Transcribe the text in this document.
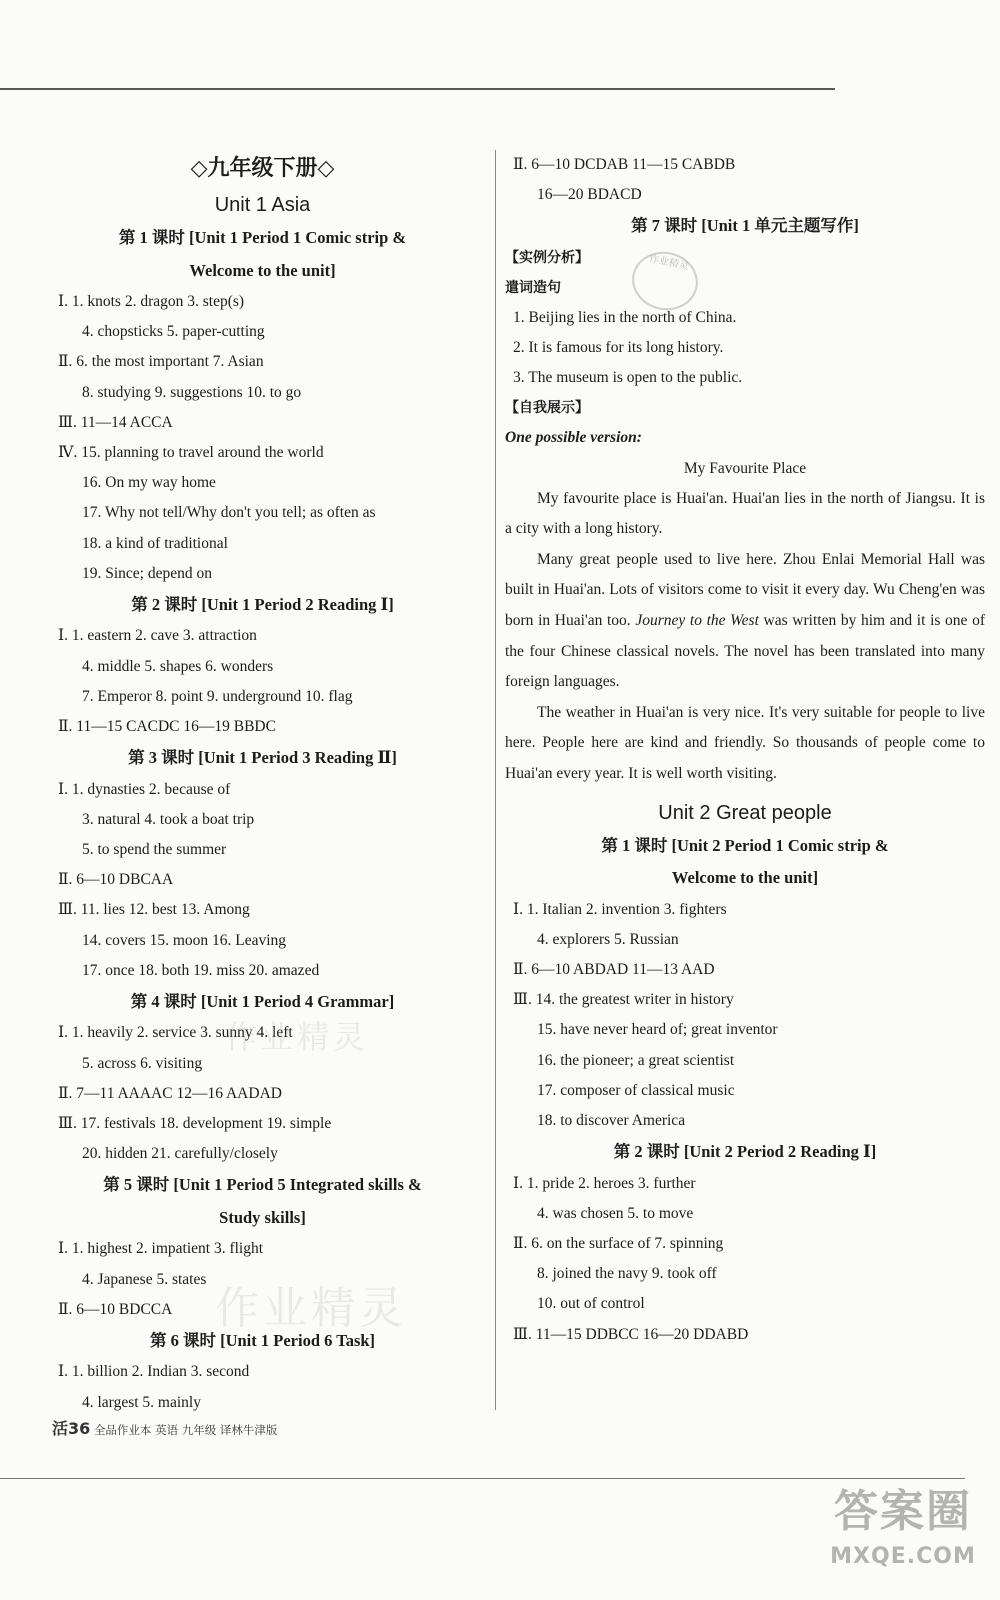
◇九年级下册◇
Unit 1 Asia
第 1 课时 [Unit 1 Period 1 Comic strip &
Welcome to the unit]
Ⅰ. 1. knots 2. dragon 3. step(s)
4. chopsticks 5. paper-cutting
Ⅱ. 6. the most important 7. Asian
8. studying 9. suggestions 10. to go
Ⅲ. 11—14 ACCA
Ⅳ. 15. planning to travel around the world
16. On my way home
17. Why not tell/Why don't you tell; as often as
18. a kind of traditional
19. Since; depend on
第 2 课时 [Unit 1 Period 2 Reading Ⅰ]
Ⅰ. 1. eastern 2. cave 3. attraction
4. middle 5. shapes 6. wonders
7. Emperor 8. point 9. underground 10. flag
Ⅱ. 11—15 CACDC 16—19 BBDC
第 3 课时 [Unit 1 Period 3 Reading Ⅱ]
Ⅰ. 1. dynasties 2. because of
3. natural 4. took a boat trip
5. to spend the summer
Ⅱ. 6—10 DBCAA
Ⅲ. 11. lies 12. best 13. Among
14. covers 15. moon 16. Leaving
17. once 18. both 19. miss 20. amazed
第 4 课时 [Unit 1 Period 4 Grammar]
Ⅰ. 1. heavily 2. service 3. sunny 4. left
5. across 6. visiting
Ⅱ. 7—11 AAAAC 12—16 AADAD
Ⅲ. 17. festivals 18. development 19. simple
20. hidden 21. carefully/closely
第 5 课时 [Unit 1 Period 5 Integrated skills &
Study skills]
Ⅰ. 1. highest 2. impatient 3. flight
4. Japanese 5. states
Ⅱ. 6—10 BDCCA
第 6 课时 [Unit 1 Period 6 Task]
Ⅰ. 1. billion 2. Indian 3. second
4. largest 5. mainly
Ⅱ. 6—10 DCDAB 11—15 CABDB
16—20 BDACD
第 7 课时 [Unit 1 单元主题写作]
【实例分析】
遣词造句
1. Beijing lies in the north of China.
2. It is famous for its long history.
3. The museum is open to the public.
【自我展示】
One possible version:
My Favourite Place

My favourite place is Huai'an. Huai'an lies in the north of Jiangsu. It is a city with a long history.

Many great people used to live here. Zhou Enlai Memorial Hall was built in Huai'an. Lots of visitors come to visit it every day. Wu Cheng'en was born in Huai'an too. Journey to the West was written by him and it is one of the four Chinese classical novels. The novel has been translated into many foreign languages.

The weather in Huai'an is very nice. It's very suitable for people to live here. People here are kind and friendly. So thousands of people come to Huai'an every year. It is well worth visiting.

Unit 2 Great people
第 1 课时 [Unit 2 Period 1 Comic strip &
Welcome to the unit]
Ⅰ. 1. Italian 2. invention 3. fighters
4. explorers 5. Russian
Ⅱ. 6—10 ABDAD 11—13 AAD
Ⅲ. 14. the greatest writer in history
15. have never heard of; great inventor
16. the pioneer; a great scientist
17. composer of classical music
18. to discover America
第 2 课时 [Unit 2 Period 2 Reading Ⅰ]
Ⅰ. 1. pride 2. heroes 3. further
4. was chosen 5. to move
Ⅱ. 6. on the surface of 7. spinning
8. joined the navy 9. took off
10. out of control
Ⅲ. 11—15 DDBCC 16—20 DDABD
作业精灵
作业精灵
作业精灵
活36 全品作业本 英语 九年级 译林牛津版
答案圈
MXQE.COM
